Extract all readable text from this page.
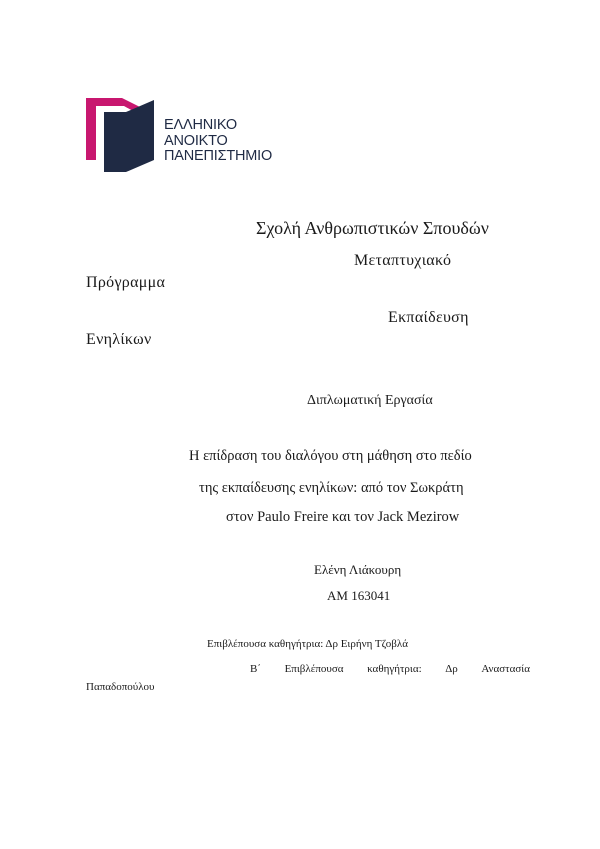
ΕΛΛΗΝΙΚΟ
ΑΝΟΙΚΤΟ
ΠΑΝΕΠΙΣΤΗΜΙΟ
Σχολή Ανθρωπιστικών Σπουδών
Μεταπτυχιακό
Πρόγραμμα
Εκπαίδευση
Ενηλίκων
Διπλωματική Εργασία
Η επίδραση του διαλόγου στη μάθηση στο πεδίο
της εκπαίδευσης ενηλίκων: από τον Σωκράτη
στον Paulo Freire και τον Jack Mezirow
Ελένη Λιάκουρη
ΑΜ 163041
Επιβλέπουσα καθηγήτρια: Δρ Ειρήνη Τζοβλά
Β΄ Επιβλέπουσα καθηγήτρια: Δρ Αναστασία
Παπαδοπούλου
